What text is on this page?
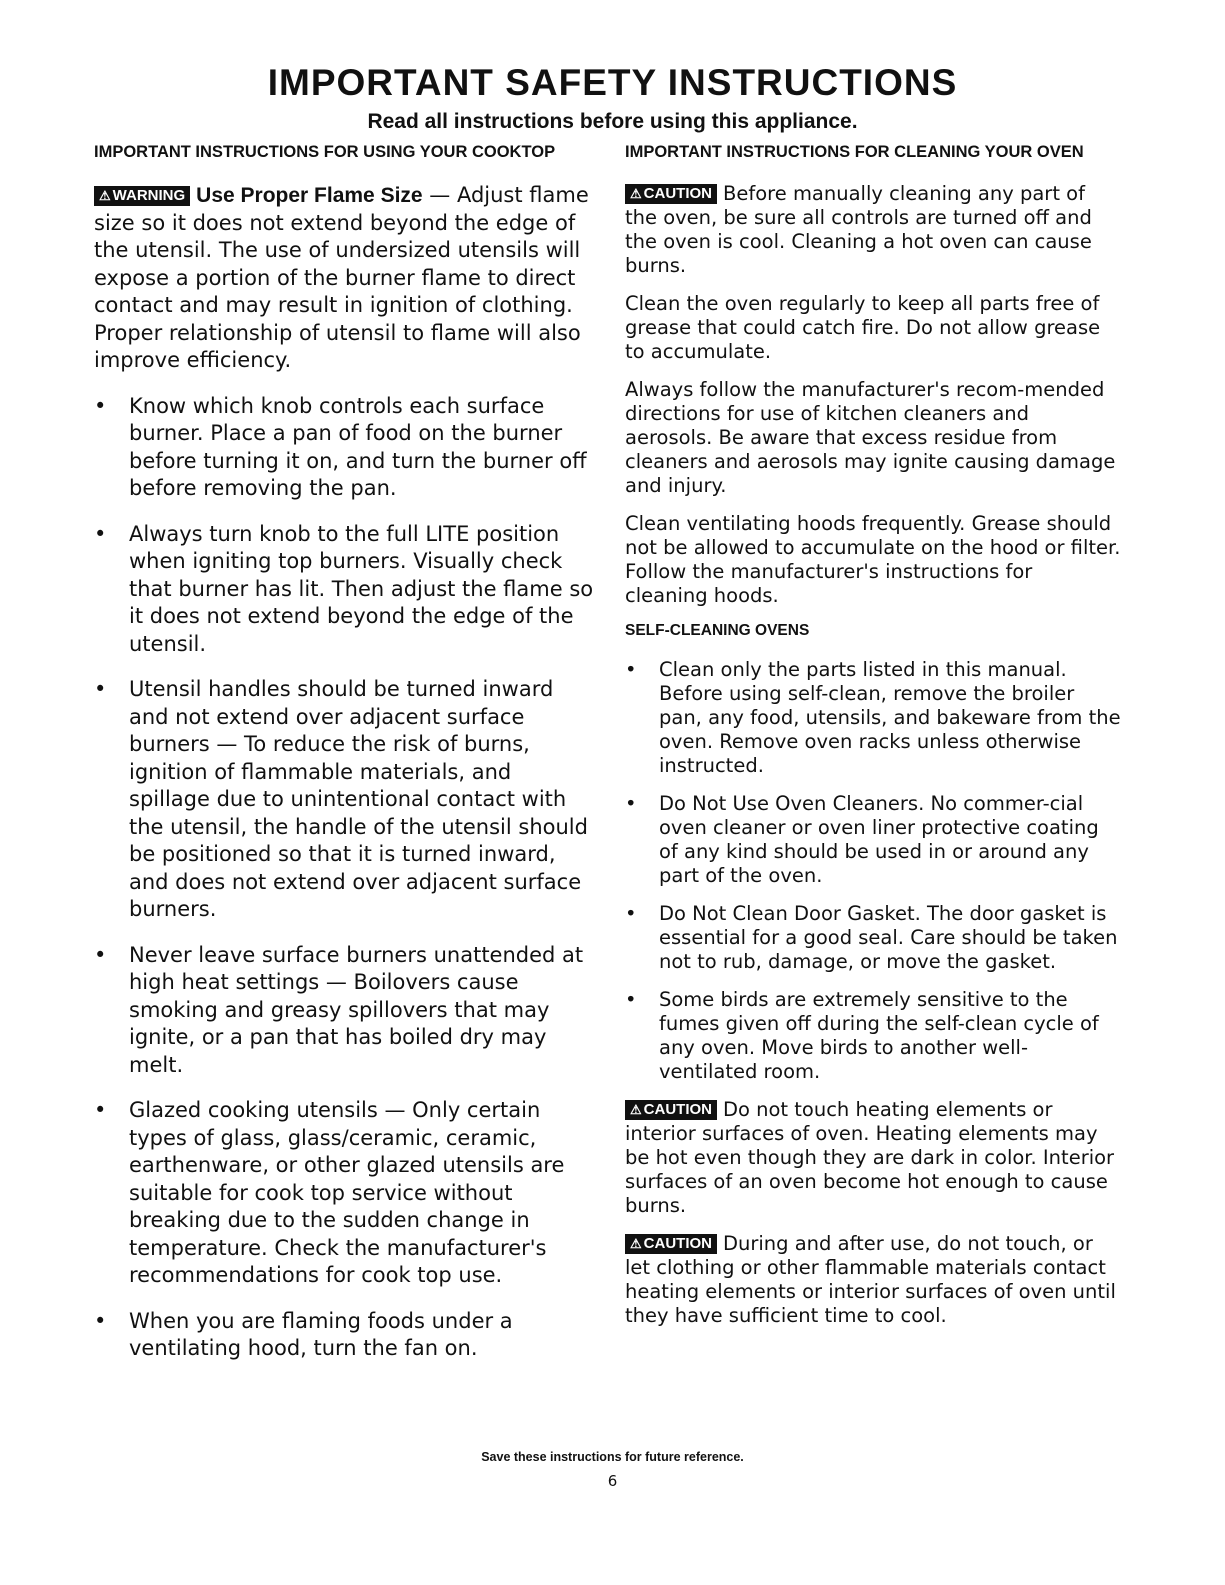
IMPORTANT SAFETY INSTRUCTIONS
Read all instructions before using this appliance.
IMPORTANT INSTRUCTIONS FOR USING YOUR COOKTOP

⚠ WARNING Use Proper Flame Size — Adjust flame size so it does not extend beyond the edge of the utensil. The use of undersized utensils will expose a portion of the burner flame to direct contact and may result in ignition of clothing. Proper relationship of utensil to flame will also improve efficiency.

• Know which knob controls each surface burner. Place a pan of food on the burner before turning it on, and turn the burner off before removing the pan.
• Always turn knob to the full LITE position when igniting top burners. Visually check that burner has lit. Then adjust the flame so it does not extend beyond the edge of the utensil.
• Utensil handles should be turned inward and not extend over adjacent surface burners — To reduce the risk of burns, ignition of flammable materials, and spillage due to unintentional contact with the utensil, the handle of the utensil should be positioned so that it is turned inward, and does not extend over adjacent surface burners.
• Never leave surface burners unattended at high heat settings — Boilovers cause smoking and greasy spillovers that may ignite, or a pan that has boiled dry may melt.
• Glazed cooking utensils — Only certain types of glass, glass/ceramic, ceramic, earthenware, or other glazed utensils are suitable for cook top service without breaking due to the sudden change in temperature. Check the manufacturer's recommendations for cook top use.
• When you are flaming foods under a ventilating hood, turn the fan on.
IMPORTANT INSTRUCTIONS FOR CLEANING YOUR OVEN

⚠ CAUTION Before manually cleaning any part of the oven, be sure all controls are turned off and the oven is cool. Cleaning a hot oven can cause burns.

Clean the oven regularly to keep all parts free of grease that could catch fire. Do not allow grease to accumulate.

Always follow the manufacturer's recom-mended directions for use of kitchen cleaners and aerosols. Be aware that excess residue from cleaners and aerosols may ignite causing damage and injury.

Clean ventilating hoods frequently. Grease should not be allowed to accumulate on the hood or filter. Follow the manufacturer's instructions for cleaning hoods.

SELF-CLEANING OVENS
• Clean only the parts listed in this manual. Before using self-clean, remove the broiler pan, any food, utensils, and bakeware from the oven. Remove oven racks unless otherwise instructed.
• Do Not Use Oven Cleaners. No commer-cial oven cleaner or oven liner protective coating of any kind should be used in or around any part of the oven.
• Do Not Clean Door Gasket. The door gasket is essential for a good seal. Care should be taken not to rub, damage, or move the gasket.
• Some birds are extremely sensitive to the fumes given off during the self-clean cycle of any oven. Move birds to another well-ventilated room.

⚠ CAUTION Do not touch heating elements or interior surfaces of oven. Heating elements may be hot even though they are dark in color. Interior surfaces of an oven become hot enough to cause burns.

⚠ CAUTION During and after use, do not touch, or let clothing or other flammable materials contact heating elements or interior surfaces of oven until they have sufficient time to cool.

Save these instructions for future reference.
6
